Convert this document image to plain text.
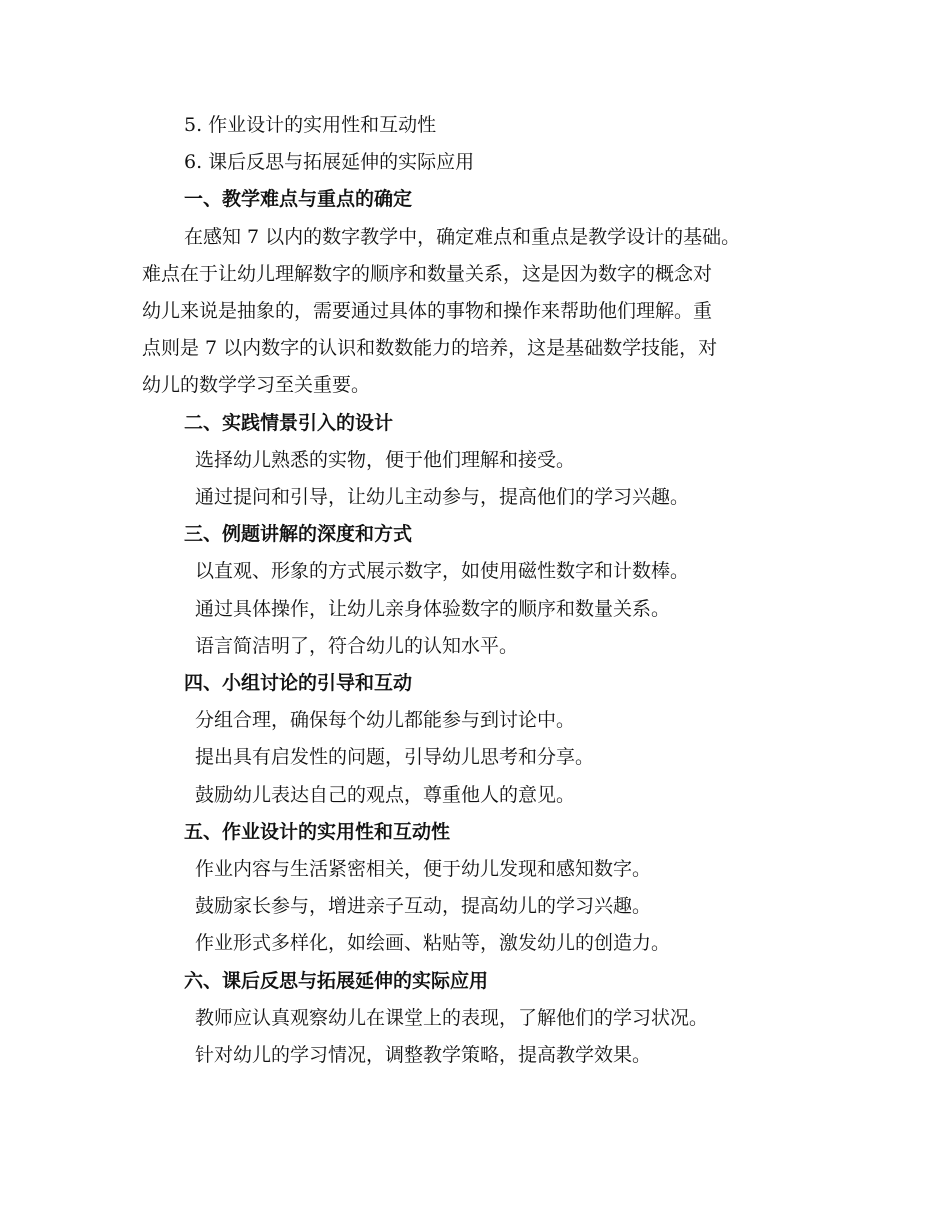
5. 作业设计的实用性和互动性
6. 课后反思与拓展延伸的实际应用
一、教学难点与重点的确定
在感知 7 以内的数字教学中，确定难点和重点是教学设计的基础。
难点在于让幼儿理解数字的顺序和数量关系，这是因为数字的概念对
幼儿来说是抽象的，需要通过具体的事物和操作来帮助他们理解。重
点则是 7 以内数字的认识和数数能力的培养，这是基础数学技能，对
幼儿的数学学习至关重要。
二、实践情景引入的设计
选择幼儿熟悉的实物，便于他们理解和接受。
通过提问和引导，让幼儿主动参与，提高他们的学习兴趣。
三、例题讲解的深度和方式
以直观、形象的方式展示数字，如使用磁性数字和计数棒。
通过具体操作，让幼儿亲身体验数字的顺序和数量关系。
语言简洁明了，符合幼儿的认知水平。
四、小组讨论的引导和互动
分组合理，确保每个幼儿都能参与到讨论中。
提出具有启发性的问题，引导幼儿思考和分享。
鼓励幼儿表达自己的观点，尊重他人的意见。
五、作业设计的实用性和互动性
作业内容与生活紧密相关，便于幼儿发现和感知数字。
鼓励家长参与，增进亲子互动，提高幼儿的学习兴趣。
作业形式多样化，如绘画、粘贴等，激发幼儿的创造力。
六、课后反思与拓展延伸的实际应用
教师应认真观察幼儿在课堂上的表现，了解他们的学习状况。
针对幼儿的学习情况，调整教学策略，提高教学效果。
